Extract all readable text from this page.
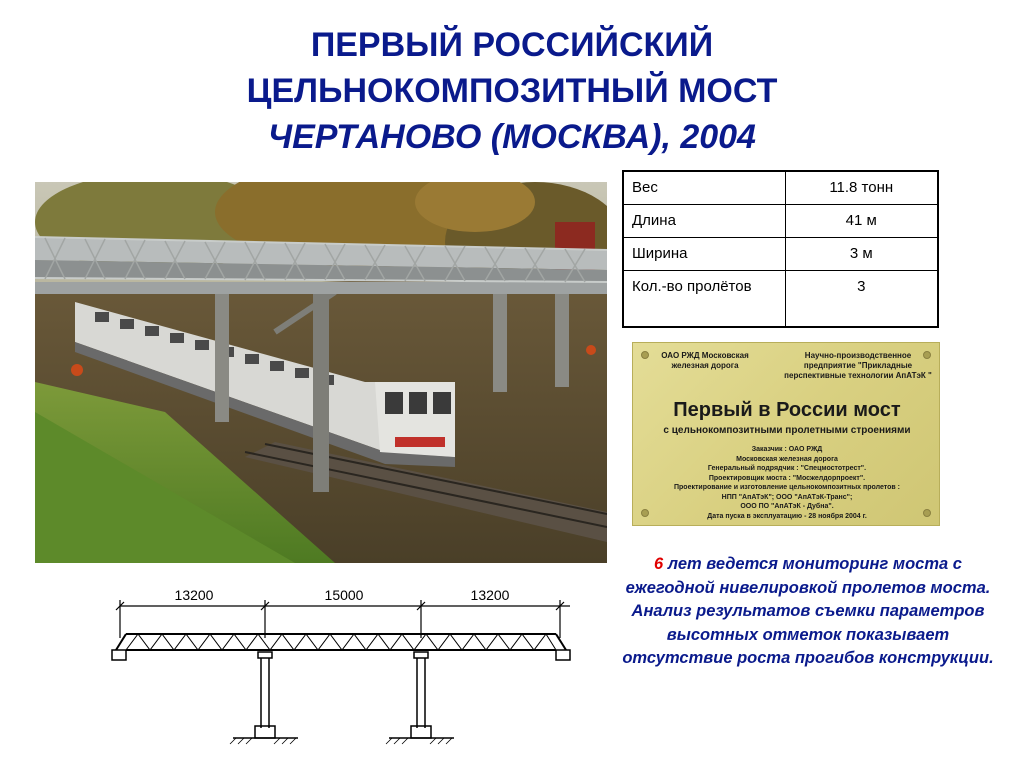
ПЕРВЫЙ РОССИЙСКИЙ
ЦЕЛЬНОКОМПОЗИТНЫЙ МОСТ
ЧЕРТАНОВО (МОСКВА), 2004
Вес	11.8 тонн
Длина	41 м
Ширина	3 м
Кол.-во пролётов	3
ОАО РЖД Московская железная дорога
Научно-производственное предприятие "Прикладные перспективные технологии АпАТэК "
Первый в России мост
с цельнокомпозитными пролетными строениями
Заказчик : ОАО РЖД
Московская железная дорога
Генеральный подрядчик : "Спецмостотрест".
Проектировщик моста : "Мосжелдорпроект".
Проектирование и изготовление цельнокомпозитных пролетов :
НПП "АпАТэК"; ООО "АпАТэК-Транс";
ООО ПО "АпАТэК - Дубна".
Дата пуска в эксплуатацию - 28 ноября 2004 г.
6 лет ведется мониторинг моста с ежегодной нивелировкой пролетов моста.
Анализ результатов съемки параметров высотных отметок показывает отсутствие роста прогибов конструкции.
13200	15000	13200
